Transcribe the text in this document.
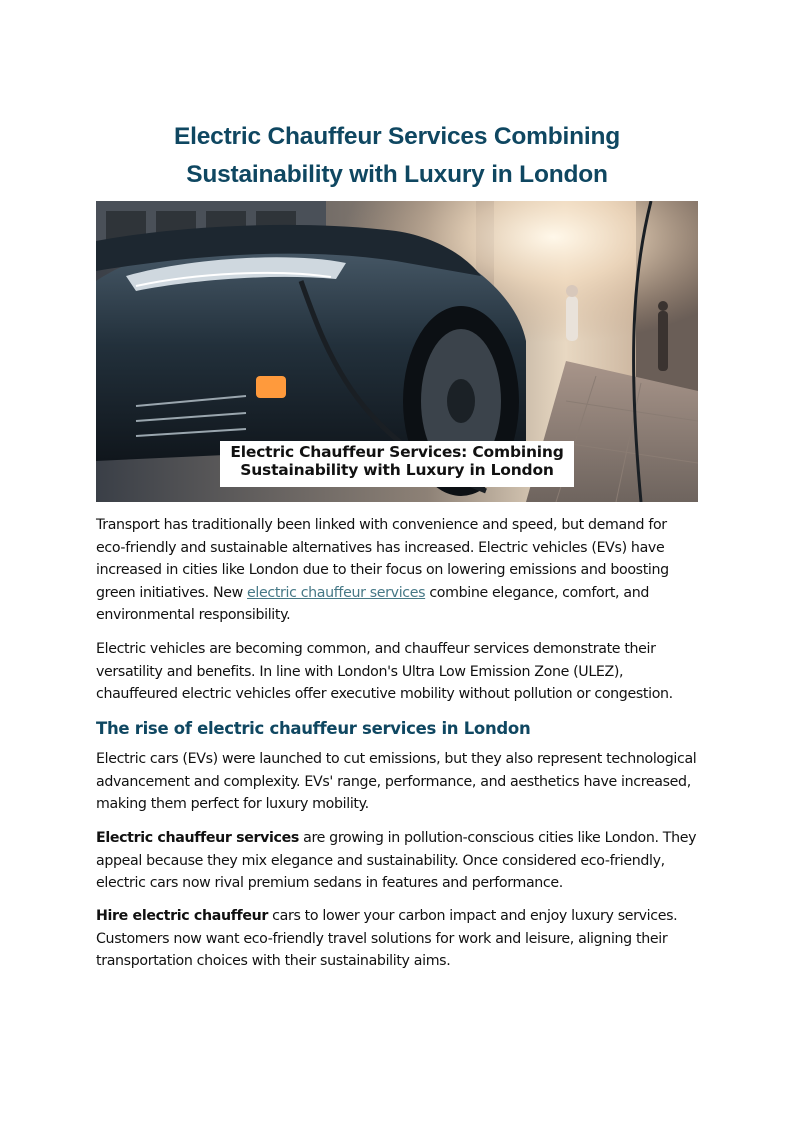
Electric Chauffeur Services Combining Sustainability with Luxury in London

Electric Chauffeur Services: Combining Sustainability with Luxury in London

Transport has traditionally been linked with convenience and speed, but demand for eco-friendly and sustainable alternatives has increased. Electric vehicles (EVs) have increased in cities like London due to their focus on lowering emissions and boosting green initiatives. New electric chauffeur services combine elegance, comfort, and environmental responsibility.

Electric vehicles are becoming common, and chauffeur services demonstrate their versatility and benefits. In line with London's Ultra Low Emission Zone (ULEZ), chauffeured electric vehicles offer executive mobility without pollution or congestion.

The rise of electric chauffeur services in London

Electric cars (EVs) were launched to cut emissions, but they also represent technological advancement and complexity. EVs' range, performance, and aesthetics have increased, making them perfect for luxury mobility.

Electric chauffeur services are growing in pollution-conscious cities like London. They appeal because they mix elegance and sustainability. Once considered eco-friendly, electric cars now rival premium sedans in features and performance.

Hire electric chauffeur cars to lower your carbon impact and enjoy luxury services. Customers now want eco-friendly travel solutions for work and leisure, aligning their transportation choices with their sustainability aims.
